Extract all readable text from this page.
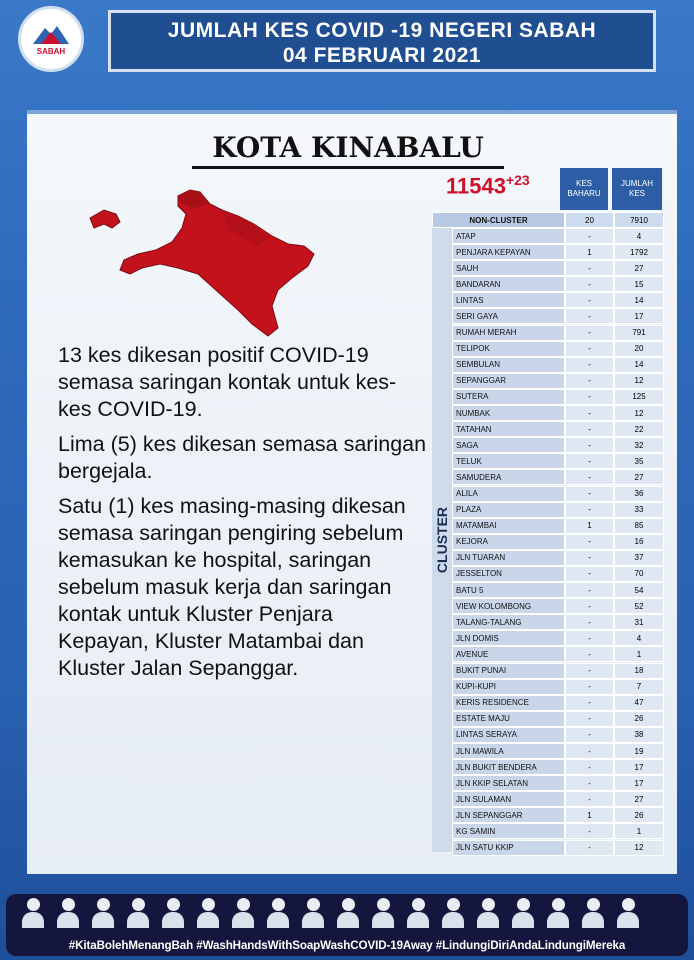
SABAH
JUMLAH KES COVID -19 NEGERI SABAH
04 FEBRUARI 2021
KOTA KINABALU
$11543^{+23}$

13 kes dikesan positif COVID-19 semasa saringan kontak untuk kes-kes COVID-19.

Lima (5) kes dikesan semasa saringan bergejala.

Satu (1) kes masing-masing dikesan semasa saringan pengiring sebelum kemasukan ke hospital, saringan sebelum masuk kerja dan saringan kontak untuk Kluster Penjara Kepayan, Kluster Matambai dan Kluster Jalan Sepanggar.

KES BAHARU
JUMLAH KES
CLUSTER
NON-CLUSTER	20	7910
ATAP	-	4
PENJARA KEPAYAN	1	1792
SAUH	-	27
BANDARAN	-	15
LINTAS	-	14
SERI GAYA	-	17
RUMAH MERAH	-	791
TELIPOK	-	20
SEMBULAN	-	14
SEPANGGAR	-	12
SUTERA	-	125
NUMBAK	-	12
TATAHAN	-	22
SAGA	-	32
TELUK	-	35
SAMUDERA	-	27
ALILA	-	36
PLAZA	-	33
MATAMBAI	1	85
KEJORA	-	16
JLN TUARAN	-	37
JESSELTON	-	70
BATU 5	-	54
VIEW KOLOMBONG	-	52
TALANG-TALANG	-	31
JLN DOMIS	-	4
AVENUE	-	1
BUKIT PUNAI	-	18
KUPI-KUPI	-	7
KERIS RESIDENCE	-	47
ESTATE MAJU	-	26
LINTAS SERAYA	-	38
JLN MAWILA	-	19
JLN BUKIT BENDERA	-	17
JLN KKIP SELATAN	-	17
JLN SULAMAN	-	27
JLN SEPANGGAR	1	26
KG SAMIN	-	1
JLN SATU KKIP	-	12
#KitaBolehMenangBah #WashHandsWithSoapWashCOVID-19Away #LindungiDiriAndaLindungiMereka
